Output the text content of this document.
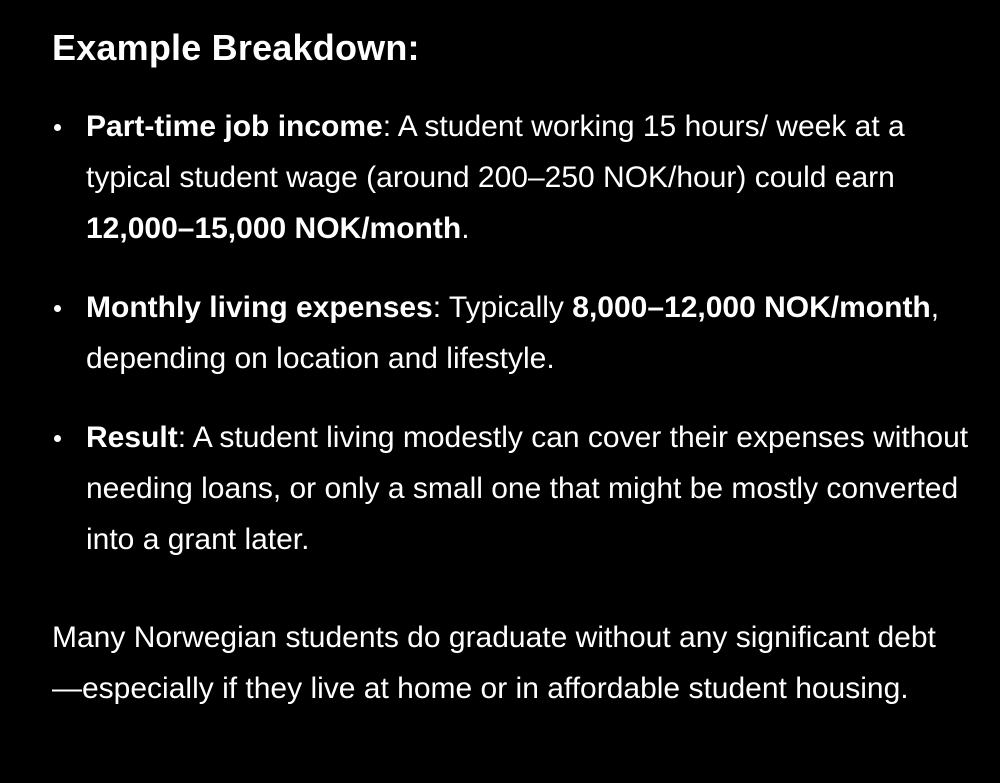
Example Breakdown:
Part-time job income: A student working 15 hours/ week at a typical student wage (around 200–250 NOK/hour) could earn 12,000–15,000 NOK/month.
Monthly living expenses: Typically 8,000–12,000 NOK/month, depending on location and lifestyle.
Result: A student living modestly can cover their expenses without needing loans, or only a small one that might be mostly converted into a grant later.

Many Norwegian students do graduate without any significant debt—especially if they live at home or in affordable student housing.
